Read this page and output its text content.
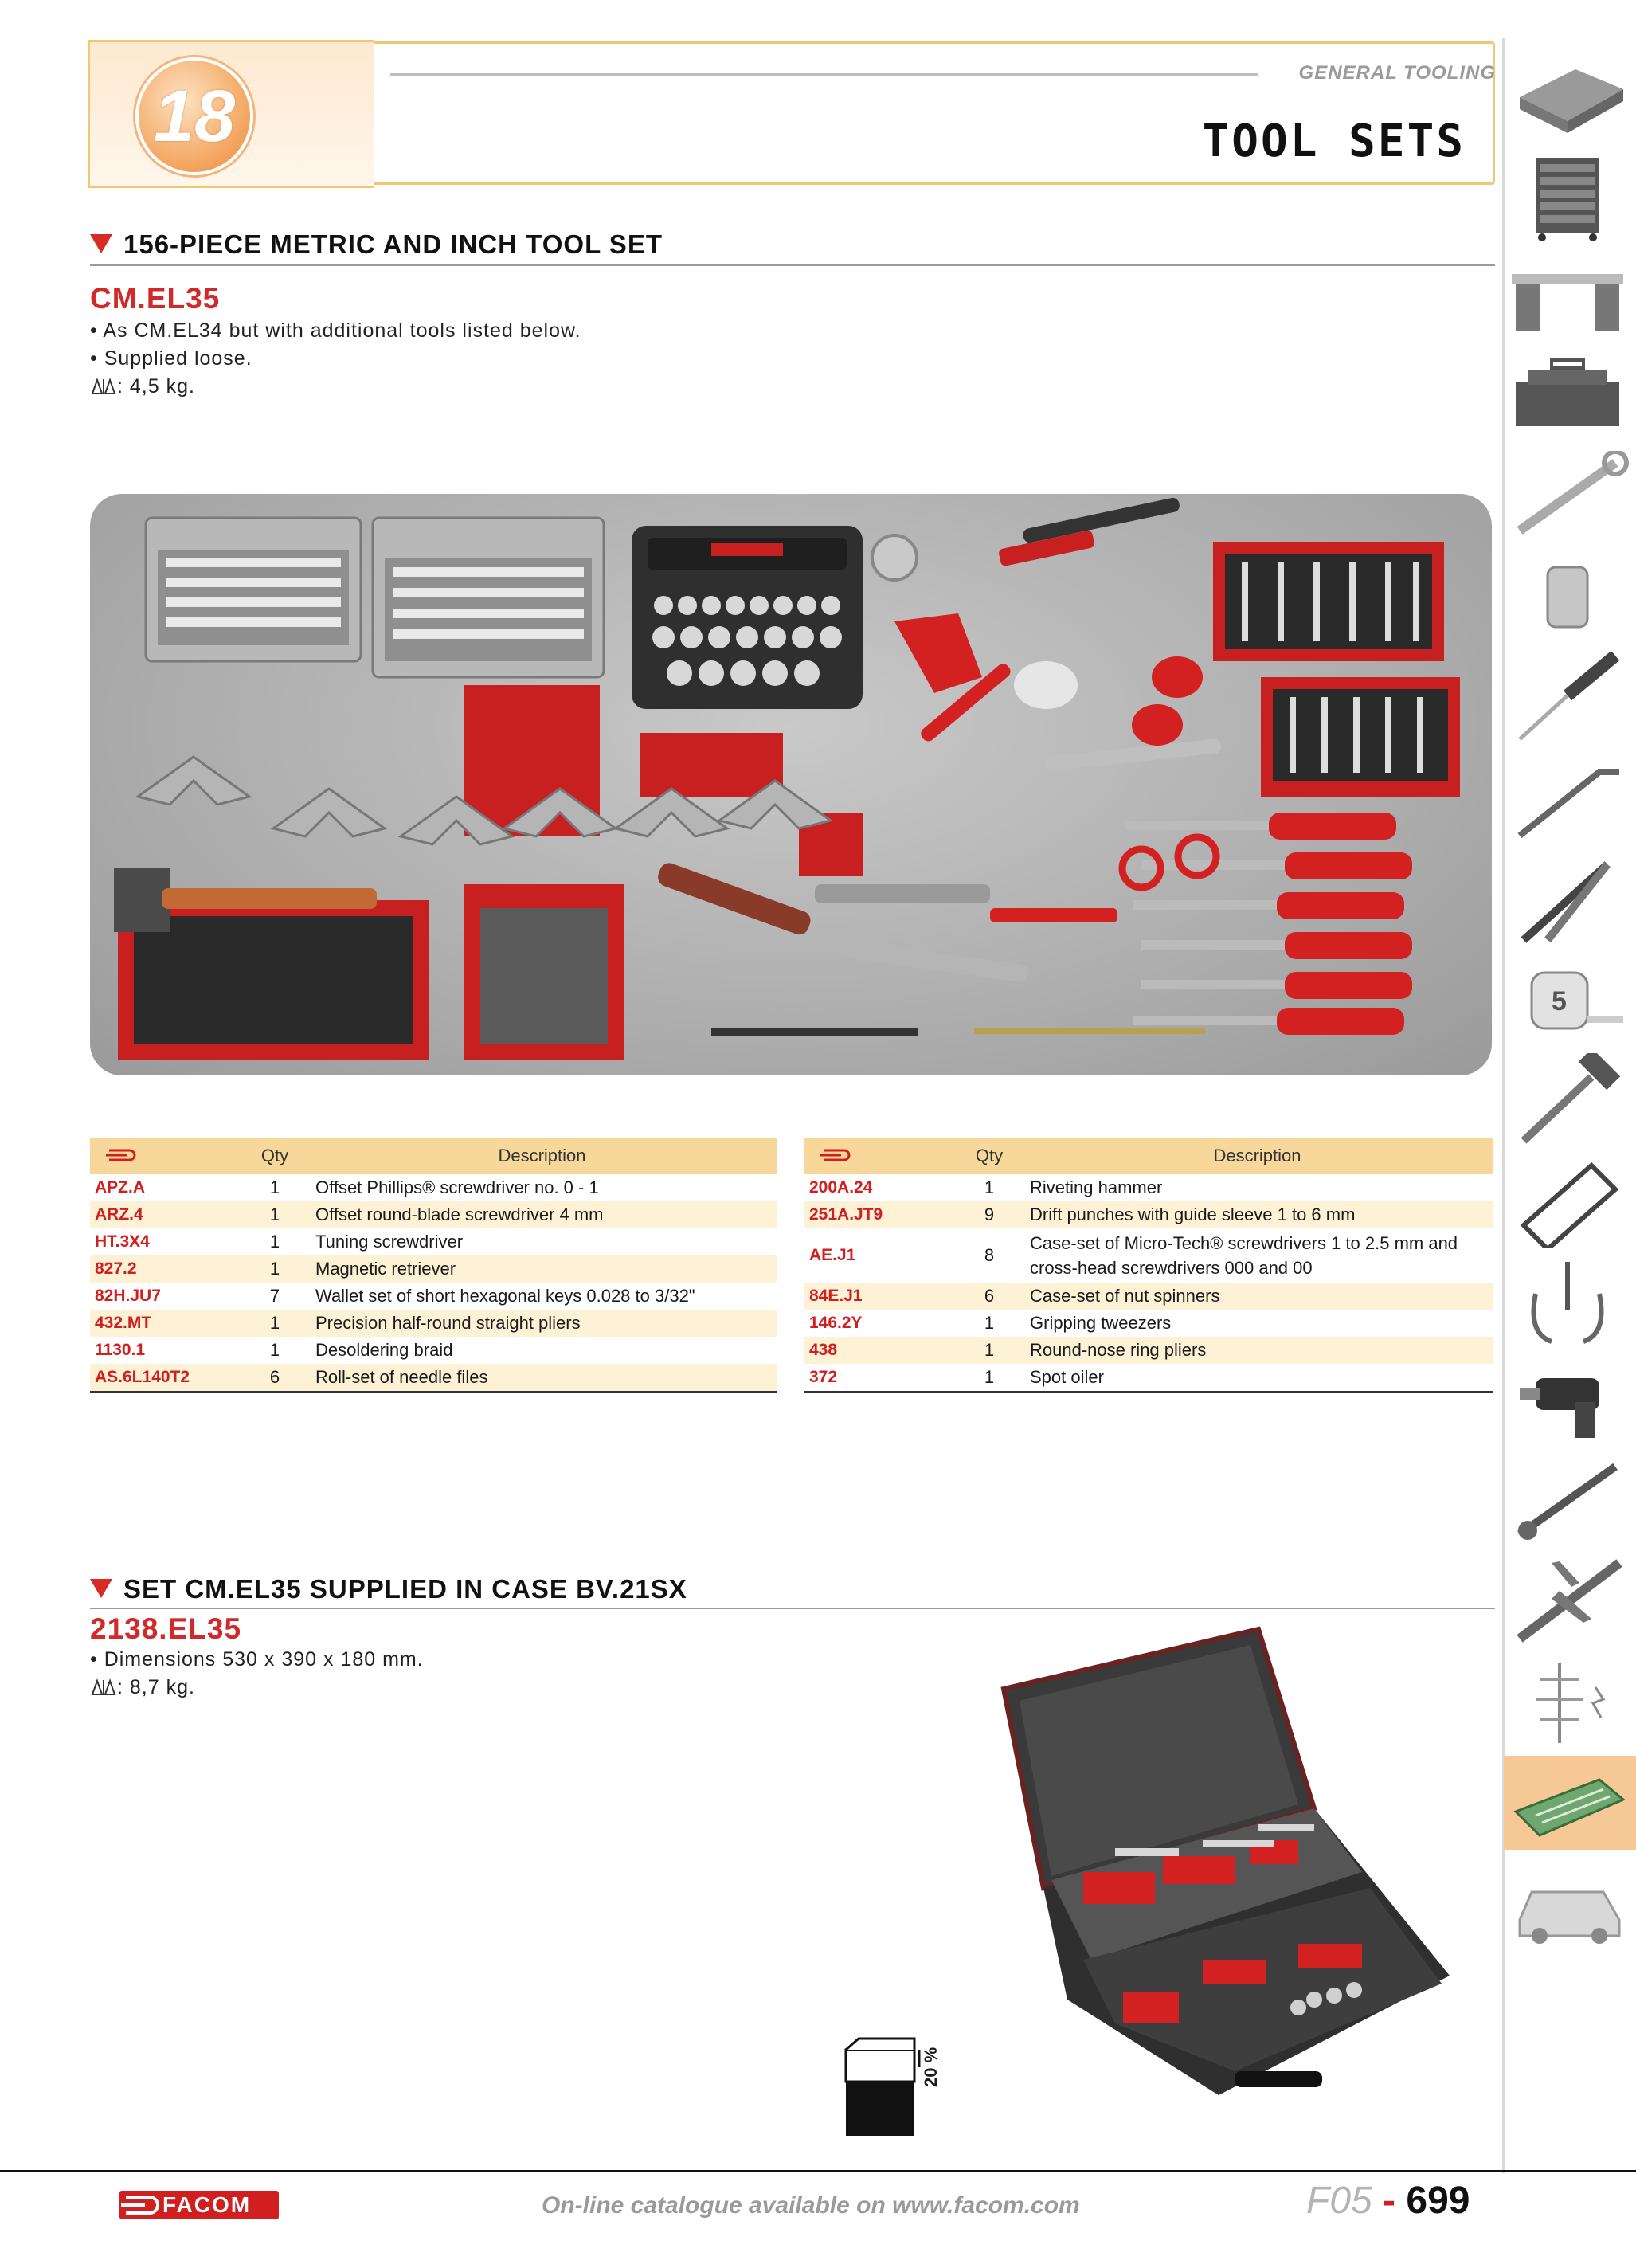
18
GENERAL TOOLING
TOOL SETS
156-PIECE METRIC AND INCH TOOL SET
CM.EL35
• As CM.EL34 but with additional tools listed below.
• Supplied loose.
: 4,5 kg.
	Qty	Description
APZ.A	1	Offset Phillips® screwdriver no. 0 - 1
ARZ.4	1	Offset round-blade screwdriver 4 mm
HT.3X4	1	Tuning screwdriver
827.2	1	Magnetic retriever
82H.JU7	7	Wallet set of short hexagonal keys 0.028 to 3/32"
432.MT	1	Precision half-round straight pliers
1130.1	1	Desoldering braid
AS.6L140T2	6	Roll-set of needle files
	Qty	Description
200A.24	1	Riveting hammer
251A.JT9	9	Drift punches with guide sleeve 1 to 6 mm
AE.J1	8	Case-set of Micro-Tech® screwdrivers 1 to 2.5 mm and
cross-head screwdrivers 000 and 00

84E.J1	6	Case-set of nut spinners
146.2Y	1	Gripping tweezers
438	1	Round-nose ring pliers
372	1	Spot oiler
SET CM.EL35 SUPPLIED IN CASE BV.21SX
2138.EL35
• Dimensions 530 x 390 x 180 mm.
: 8,7 kg.
20 %
5
FACOM	On-line catalogue available on www.facom.com	F05 - 699
